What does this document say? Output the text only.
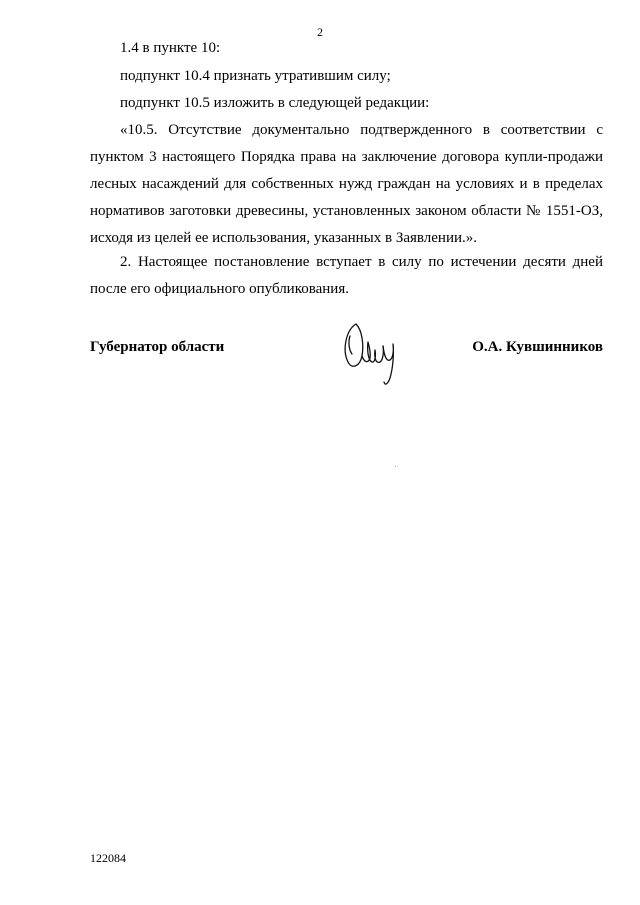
2

1.4 в пункте 10:

подпункт 10.4 признать утратившим силу;

подпункт 10.5 изложить в следующей редакции:

«10.5. Отсутствие документально подтвержденного в соответствии с пунктом 3 настоящего Порядка права на заключение договора купли-продажи лесных насаждений для собственных нужд граждан на условиях и в пределах нормативов заготовки древесины, установленных законом области № 1551-ОЗ, исходя из целей ее использования, указанных в Заявлении.».

2. Настоящее постановление вступает в силу по истечении десяти дней после его официального опубликования.

Губернатор области	О.А. Кувшинников
122084
